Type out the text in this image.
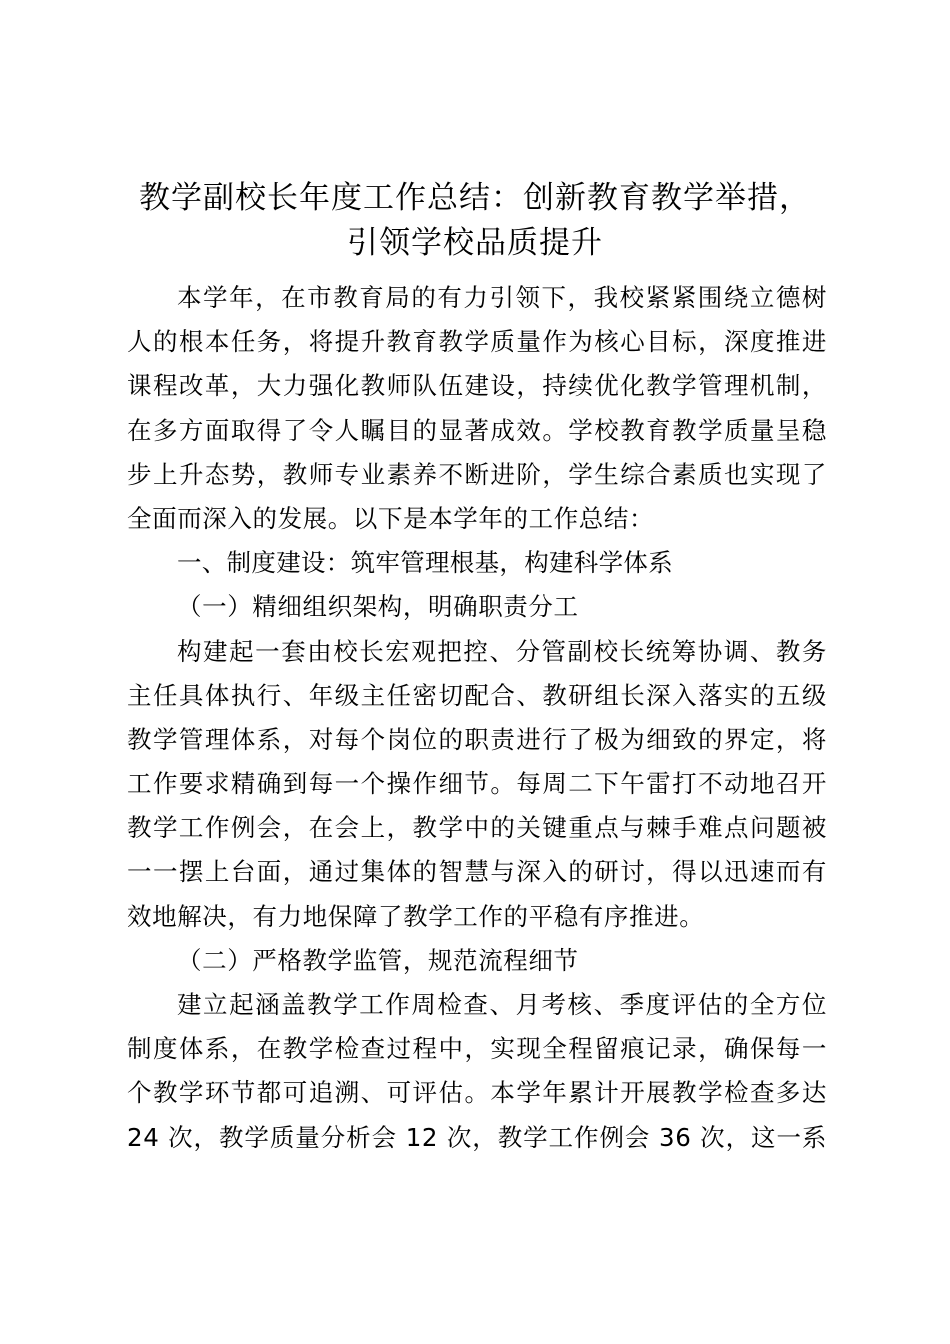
教学副校长年度工作总结：创新教育教学举措，
引领学校品质提升
本学年，在市教育局的有力引领下，我校紧紧围绕立德树
人的根本任务，将提升教育教学质量作为核心目标，深度推进
课程改革，大力强化教师队伍建设，持续优化教学管理机制，
在多方面取得了令人瞩目的显著成效。学校教育教学质量呈稳
步上升态势，教师专业素养不断进阶，学生综合素质也实现了
全面而深入的发展。以下是本学年的工作总结：
一、制度建设：筑牢管理根基，构建科学体系
（一）精细组织架构，明确职责分工
构建起一套由校长宏观把控、分管副校长统筹协调、教务
主任具体执行、年级主任密切配合、教研组长深入落实的五级
教学管理体系，对每个岗位的职责进行了极为细致的界定，将
工作要求精确到每一个操作细节。每周二下午雷打不动地召开
教学工作例会，在会上，教学中的关键重点与棘手难点问题被
一一摆上台面，通过集体的智慧与深入的研讨，得以迅速而有
效地解决，有力地保障了教学工作的平稳有序推进。
（二）严格教学监管，规范流程细节
建立起涵盖教学工作周检查、月考核、季度评估的全方位
制度体系，在教学检查过程中，实现全程留痕记录，确保每一
个教学环节都可追溯、可评估。本学年累计开展教学检查多达
24 次，教学质量分析会 12 次，教学工作例会 36 次，这一系
